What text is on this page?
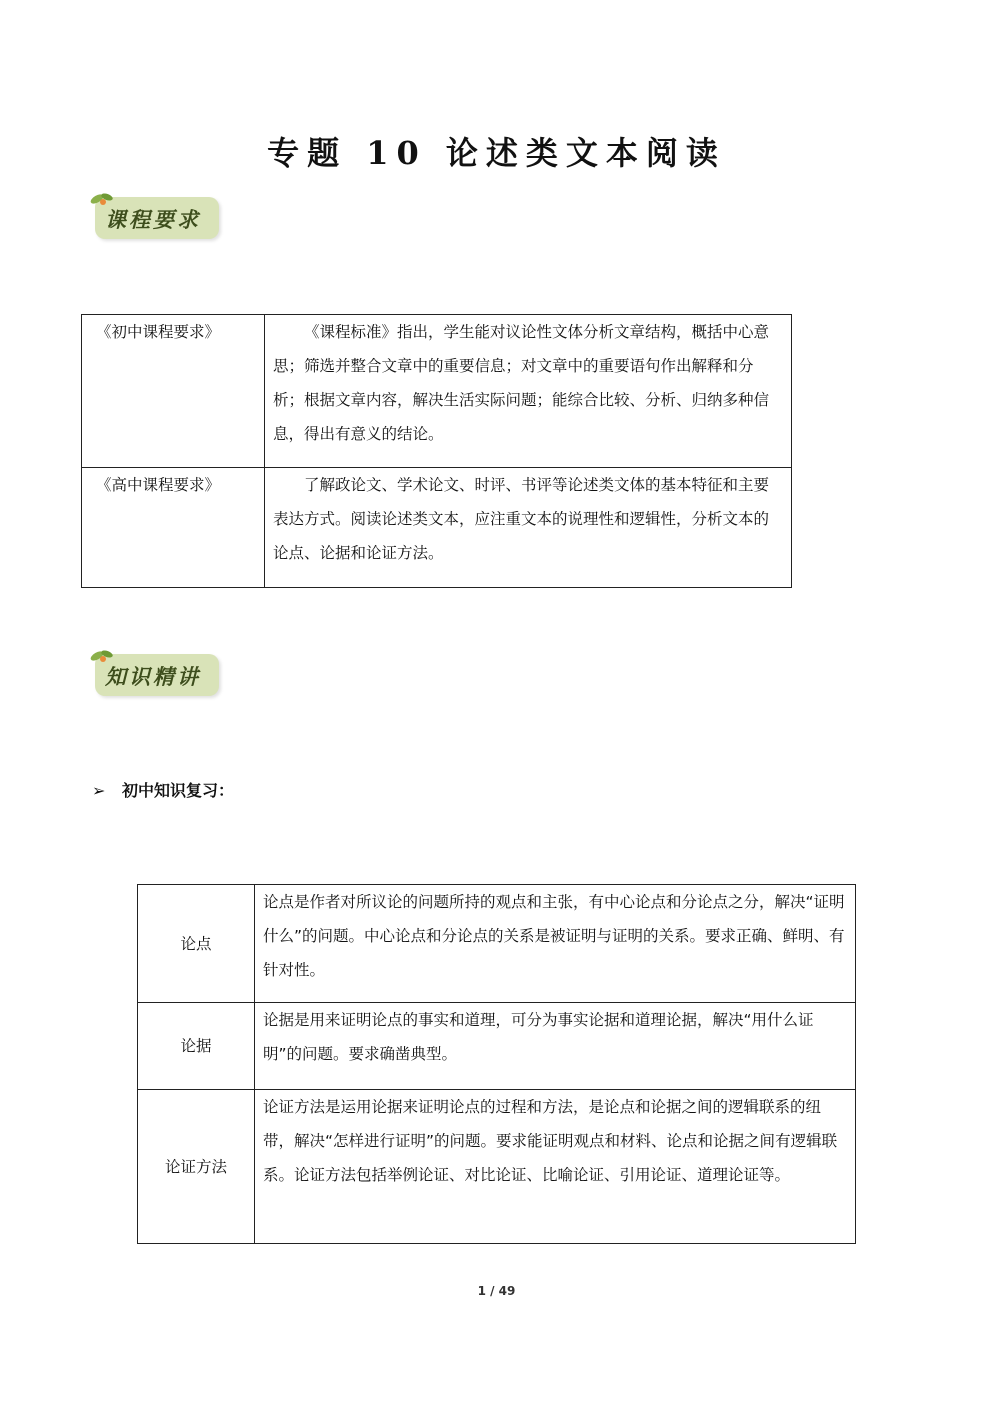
专题 10 论述类文本阅读
课程要求
《初中课程要求》	《课程标准》指出，学生能对议论性文体分析文章结构，概括中心意思；筛选并整合文章中的重要信息；对文章中的重要语句作出解释和分析；根据文章内容，解决生活实际问题；能综合比较、分析、归纳多种信息，得出有意义的结论。
《高中课程要求》	了解政论文、学术论文、时评、书评等论述类文体的基本特征和主要表达方式。阅读论述类文本，应注重文本的说理性和逻辑性，分析文本的论点、论据和论证方法。
知识精讲
➢ 初中知识复习：
论点	论点是作者对所议论的问题所持的观点和主张，有中心论点和分论点之分，解决“证明什么”的问题。中心论点和分论点的关系是被证明与证明的关系。要求正确、鲜明、有针对性。
论据	论据是用来证明论点的事实和道理，可分为事实论据和道理论据，解决“用什么证明”的问题。要求确凿典型。
论证方法	论证方法是运用论据来证明论点的过程和方法，是论点和论据之间的逻辑联系的纽带，解决“怎样进行证明”的问题。要求能证明观点和材料、论点和论据之间有逻辑联系。论证方法包括举例论证、对比论证、比喻论证、引用论证、道理论证等。
1 / 49
